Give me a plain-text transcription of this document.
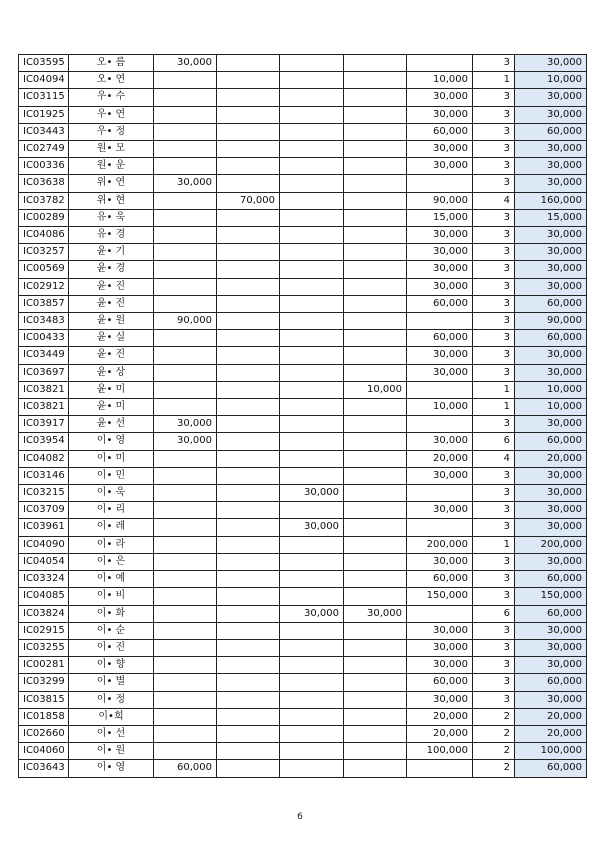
IC03595	오• 름	30,000					3	30,000
IC04094	오• 연					10,000	1	10,000
IC03115	우• 수					30,000	3	30,000
IC01925	우• 연					30,000	3	30,000
IC03443	우• 정					60,000	3	60,000
IC02749	원• 모					30,000	3	30,000
IC00336	원• 운					30,000	3	30,000
IC03638	위• 연	30,000					3	30,000
IC03782	위• 현		70,000			90,000	4	160,000
IC00289	유• 욱					15,000	3	15,000
IC04086	유• 경					30,000	3	30,000
IC03257	윤• 기					30,000	3	30,000
IC00569	윤• 경					30,000	3	30,000
IC02912	윤• 진					30,000	3	30,000
IC03857	윤• 진					60,000	3	60,000
IC03483	윤• 원	90,000					3	90,000
IC00433	윤• 실					60,000	3	60,000
IC03449	윤• 진					30,000	3	30,000
IC03697	윤• 상					30,000	3	30,000
IC03821	윤• 미				10,000		1	10,000
IC03821	윤• 미					10,000	1	10,000
IC03917	윤• 선	30,000					3	30,000
IC03954	이• 영	30,000				30,000	6	60,000
IC04082	이• 미					20,000	4	20,000
IC03146	이• 민					30,000	3	30,000
IC03215	이• 욱			30,000			3	30,000
IC03709	이• 리					30,000	3	30,000
IC03961	이• 레			30,000			3	30,000
IC04090	이• 라					200,000	1	200,000
IC04054	이• 은					30,000	3	30,000
IC03324	이• 예					60,000	3	60,000
IC04085	이• 비					150,000	3	150,000
IC03824	이• 화			30,000	30,000		6	60,000
IC02915	이• 순					30,000	3	30,000
IC03255	이• 진					30,000	3	30,000
IC00281	이• 향					30,000	3	30,000
IC03299	이• 별					60,000	3	60,000
IC03815	이• 정					30,000	3	30,000
IC01858	이•희					20,000	2	20,000
IC02660	이• 선					20,000	2	20,000
IC04060	이• 원					100,000	2	100,000
IC03643	이• 영	60,000					2	60,000
6
